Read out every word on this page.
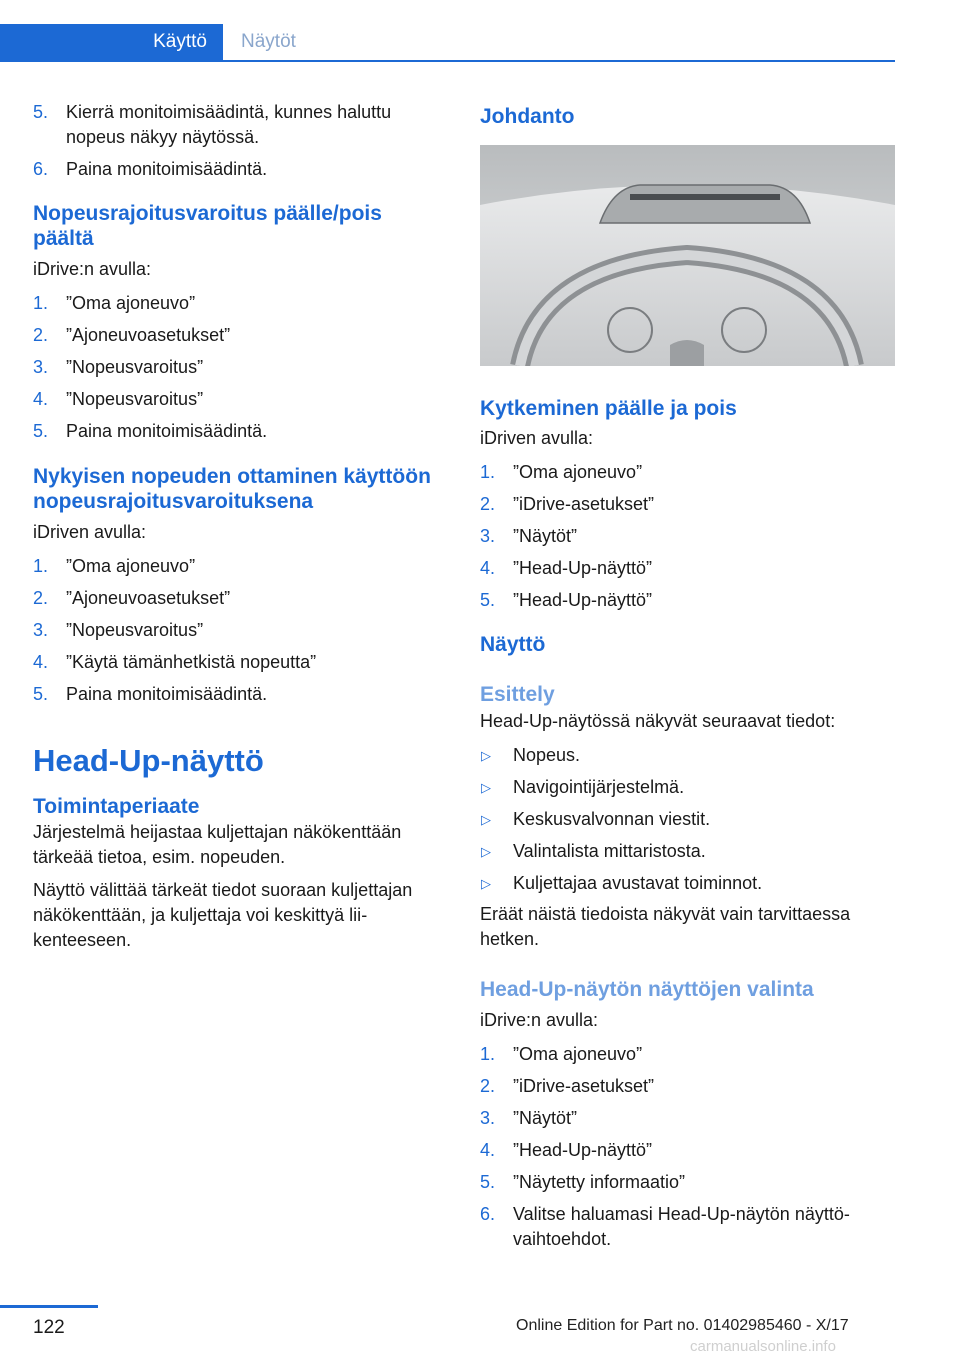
Käyttö	Näytöt
5. Kierrä monitoimisäädintä, kunnes haluttu nopeus näkyy näytössä.
6. Paina monitoimisäädintä.
Nopeusrajoitusvaroitus päälle/pois päältä

iDrive:n avulla:

1. ”Oma ajoneuvo”
2. ”Ajoneuvoasetukset”
3. ”Nopeusvaroitus”
4. ”Nopeusvaroitus”
5. Paina monitoimisäädintä.
Nykyisen nopeuden ottaminen käyttöön nopeusrajoitusvaroituksena

iDriven avulla:

1. ”Oma ajoneuvo”
2. ”Ajoneuvoasetukset”
3. ”Nopeusvaroitus”
4. ”Käytä tämänhetkistä nopeutta”
5. Paina monitoimisäädintä.
Head-Up-näyttö
Toimintaperiaate

Järjestelmä heijastaa kuljettajan näkökenttään tärkeää tietoa, esim. nopeuden.

Näyttö välittää tärkeät tiedot suoraan kuljettajan näkökenttään, ja kuljettaja voi keskittyä liikenteeseen.

Johdanto
Kytkeminen päälle ja pois

iDriven avulla:

1. ”Oma ajoneuvo”
2. ”iDrive-asetukset”
3. ”Näytöt”
4. ”Head-Up-näyttö”
5. ”Head-Up-näyttö”
Näyttö
Esittely

Head-Up-näytössä näkyvät seuraavat tiedot:

▷ Nopeus.
▷ Navigointijärjestelmä.
▷ Keskusvalvonnan viestit.
▷ Valintalista mittaristosta.
▷ Kuljettajaa avustavat toiminnot.

Eräät näistä tiedoista näkyvät vain tarvittaessa hetken.

Head-Up-näytön näyttöjen valinta

iDrive:n avulla:

1. ”Oma ajoneuvo”
2. ”iDrive-asetukset”
3. ”Näytöt”
4. ”Head-Up-näyttö”
5. ”Näytetty informaatio”
6. Valitse haluamasi Head-Up-näytön näyttövaihtoehdot.
122	Online Edition for Part no. 01402985460 - X/17
carmanualsonline.info
